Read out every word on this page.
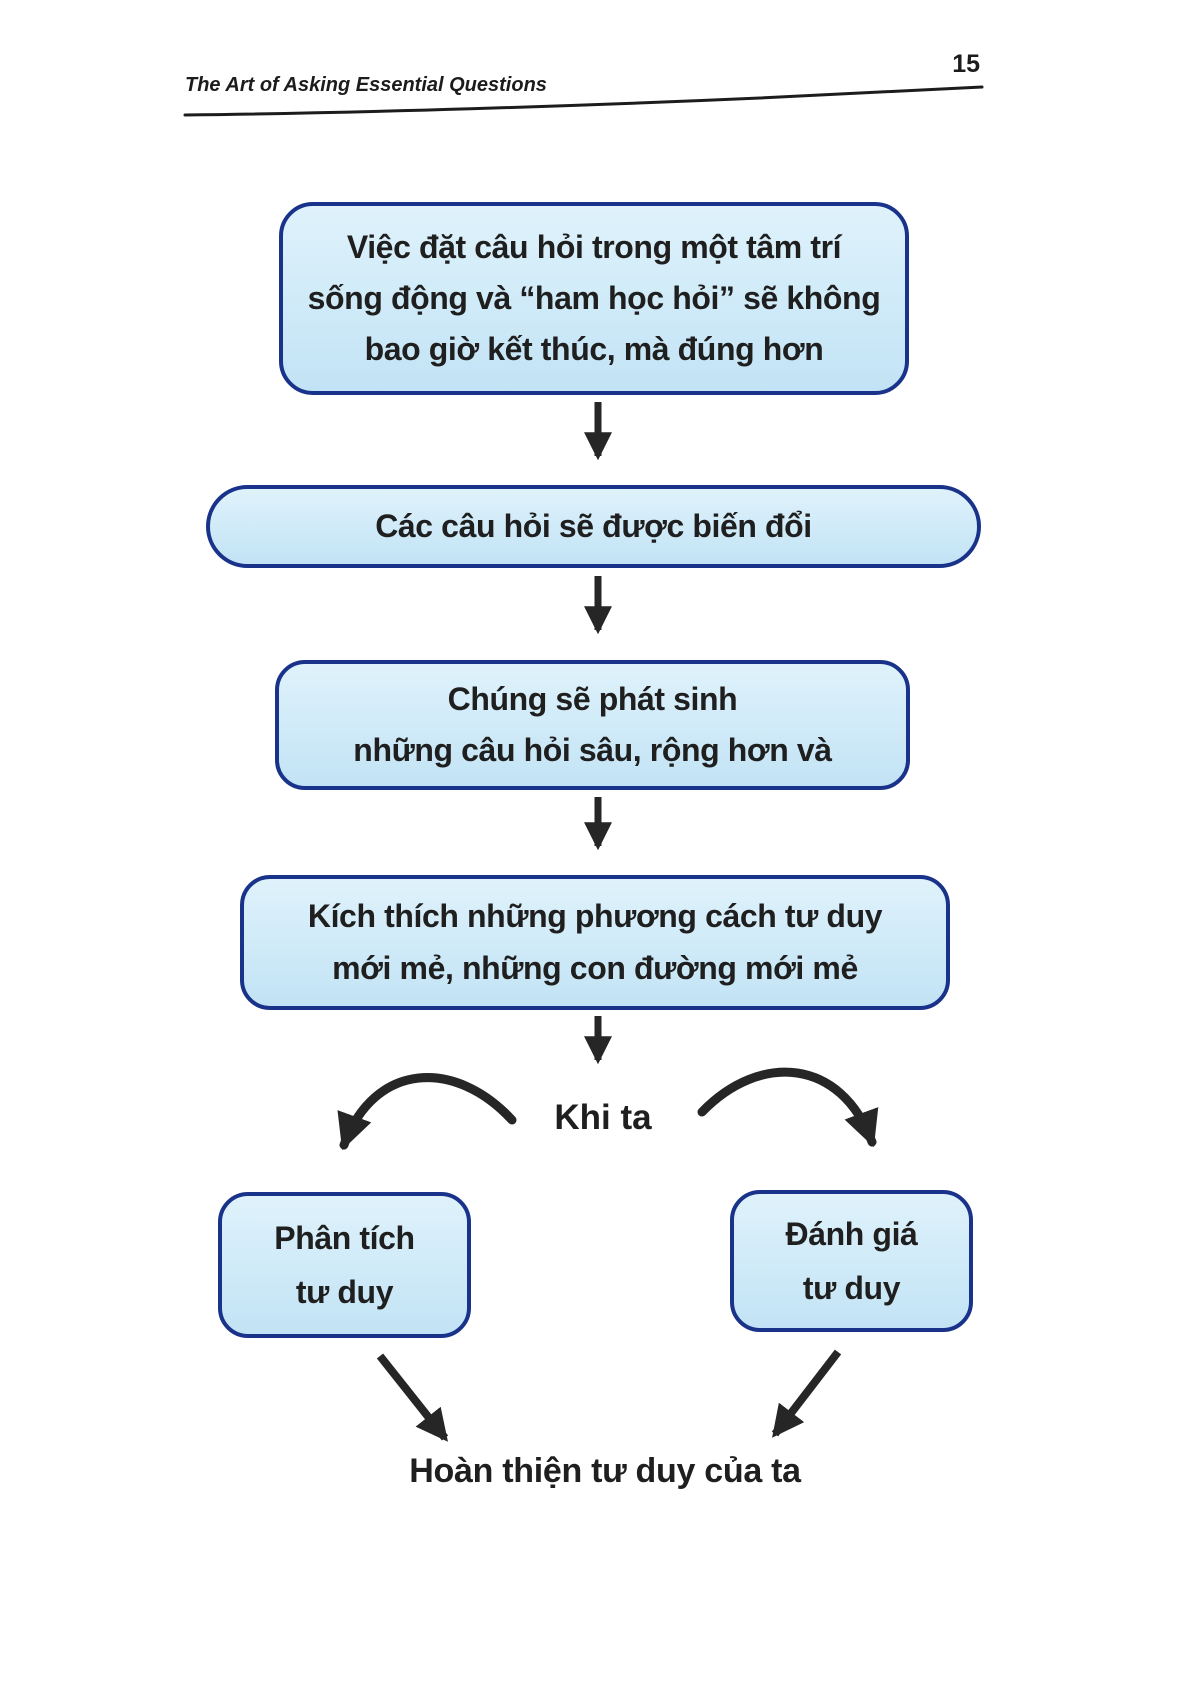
The Art of Asking Essential Questions
15
Việc đặt câu hỏi trong một tâm trí
sống động và “ham học hỏi” sẽ không
bao giờ kết thúc, mà đúng hơn
Các câu hỏi sẽ được biến đổi
Chúng sẽ phát sinh
những câu hỏi sâu, rộng hơn và
Kích thích những phương cách tư duy
mới mẻ, những con đường mới mẻ
Khi ta
Phân tích
tư duy
Đánh giá
tư duy
Hoàn thiện tư duy của ta
